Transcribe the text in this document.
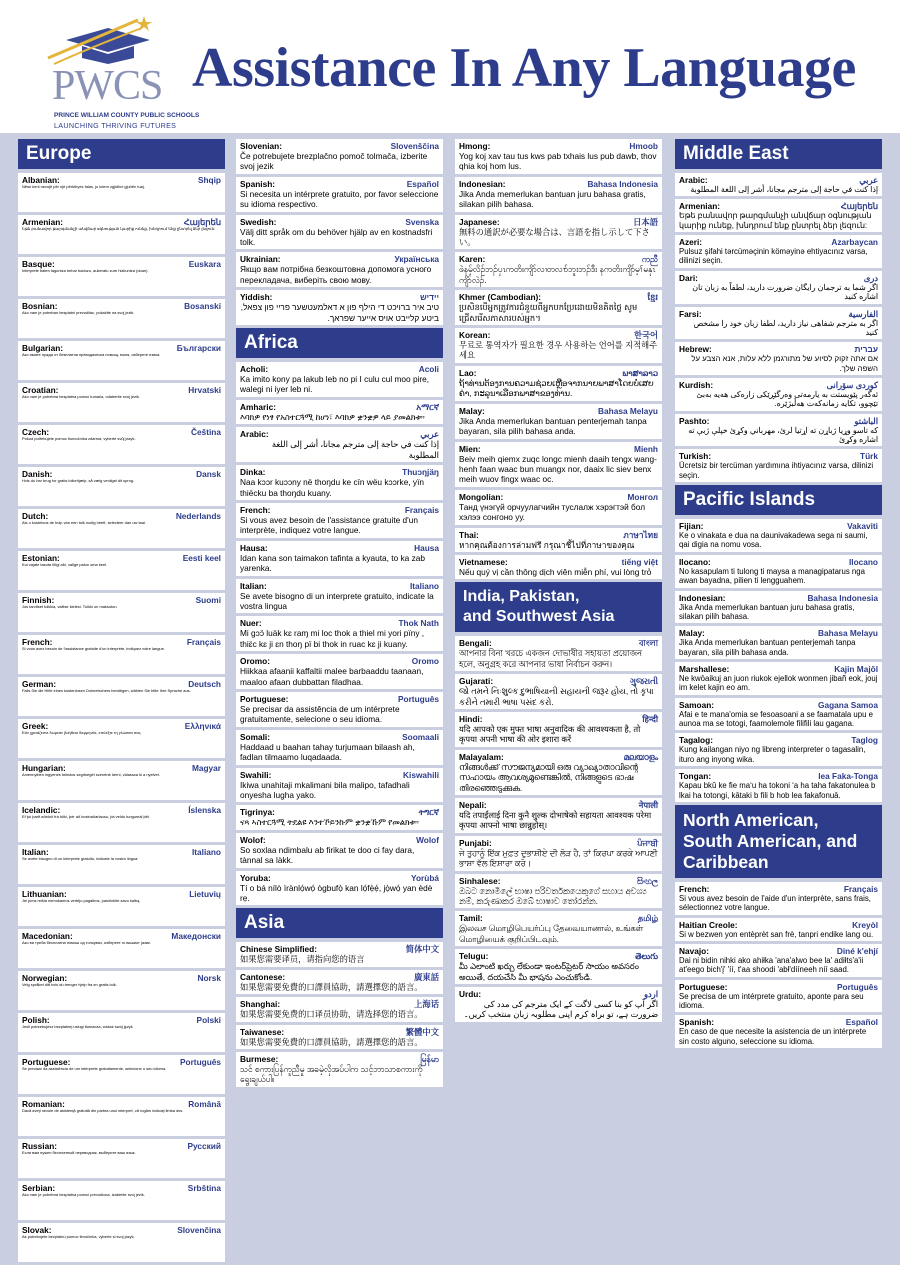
PWCS
PRINCE WILLIAM COUNTY PUBLIC SCHOOLS
LAUNCHING THRIVING FUTURES
Assistance In Any Language
Europe
Albanian:	Shqip
Nëse keni nevojë për një përkthyes falas, ju lutem zgjidhni gjuhën tuaj.
Armenian:	Հայերեն
Եթե բանավոր թարգմանչի անվճար օգնության կարիք ունեք, խնդրում ենք ընտրել ձեր լեզուն:
Basque:	Euskara
Interprete baten laguntza behar baduzu, aukeratu zure hizkuntza (doan).
Bosnian:	Bosanski
Ako vam je potreban besplatni prevodilac, pokažite na svoj jezik.
Bulgarian:	Български
Ако имате нужда от безплатна преводаческа помощ, моля, изберете езика.
Croatian:	Hrvatski
Ako vam je potrebna besplatna pomoć tumača, odaberite svoj jezik.
Czech:	Čeština
Pokud potřebujete pomoc tlumočníka zdarma, vyberte svůj jazyk.
Danish:	Dansk
Hvis du har brug for gratis tolkehjælp, så vælg venligst dit sprog.
Dutch:	Nederlands
Als u kosteloos de hulp van een tolk nodig heeft, selecteer dan uw taal.
Estonian:	Eesti keel
Kui vajate tasuta tõlgi abi, valige palun oma keel.
Finnish:	Suomi
Jos tarvitset tulkkia, valitse kielesi. Tulkki on maksuton.
French:	Français
Si vous avez besoin de l'assistance gratuite d'un interprète, indiquez votre langue.
German:	Deutsch
Falls Sie die Hilfe eines kostenlosen Dolmetschers benötigen, wählen Sie bitte Ihre Sprache aus.
Greek:	Ελληνικά
Εάν χρειάζεστε δωρεάν βοήθεια διερμηνέα, επιλέξτε τη γλώσσα σας.
Hungarian:	Magyar
Amennyiben ingyenes tolmács segítségét szeretné kérni, válassza ki a nyelvet.
Icelandic:	Íslenska
Ef þú þarft aðstoð frá túlki, þér að kostnaðarlausu, þá veldu tungumál þitt.
Italian:	Italiano
Se avete bisogno di un interprete gratuito, indicate la vostra lingua.
Lithuanian:	Lietuvių
Jei jums reikia nemokamos vertėjo pagalbos, pasirinkite savo kalbą.
Macedonian:	Македонски
Ако ви треба бесплатна помош од толкувач, изберете го вашиот јазик.
Norwegian:	Norsk
Velg språket ditt hvis du trenger hjelp fra en gratis tolk.
Polish:	Polski
Jeśli potrzebujesz bezpłatnej usługi tłumacza, wskaż swój język
Portuguese:	Português
Se precisar da assistência de um intérprete gratuitamente, selecione o seu idioma.
Romanian:	Română
Dacă aveţi nevoie de asistenţă gratuită din partea unui interpret, vă rugăm indicaţi limba dvs.
Russian:	Русский
Если вам нужен бесплатный переводчик, выберите ваш язык.
Serbian:	Srbština
Ako vam je potrebna besplatna pomoć prevodioca, izaberite svoj jezik.
Slovak:	Slovenčina
Ak potrebujete bezplatnú pomoc tlmočníka, vyberte si svoj jazyk.
Slovenian:	Slovenščina
Če potrebujete brezplačno pomoč tolmača, izberite svoj jezik
Spanish:	Español
Si necesita un intérprete gratuito, por favor seleccione su idioma respectivo.
Swedish:	Svenska
Välj ditt språk om du behöver hjälp av en kostnadsfri tolk.
Ukrainian:	Українська
Якщо вам потрібна безкоштовна допомога усного перекладача, виберіть свою мову.
Yiddish:	יידיש
טיב איר ברויכט די הילף פון א דאלמעטשער פריי פון צפאל, ביטע קלייבט אויס אייער שפראך.
Africa
Acholi:	Acoli
Ka imito kony pa lakub leb no pi I culu cul moo pire, walegi ni iyer leb ni.
Amharic:	አማርኛ
እባክዎ የነፃ የአስተርጓሚ ከሆነ፣ እባክዎ ቋንቋዎ ላይ ያመልክቱ።
Arabic:	عربي
إذا كنت في حاجة إلى مترجم مجانا، أشر إلى اللغة المطلوبة
Dinka:	Thuɔŋjäŋ
Naa kɔɔr kuɔɔny në thoŋdu ke cïn wëu kɔɔrke, yïn thiëcku ba thoŋdu kuany.
French:	Français
Si vous avez besoin de l'assistance gratuite d'un interprète, indiquez votre langue.
Hausa:	Hausa
Idan kana son taimakon tafinta a kyauta, to ka zab yarenka.
Italian:	Italiano
Se avete bisogno di un interprete gratuito, indicate la vostra lingua
Nuer:	Thok Nath
Mi gɔɔ̈ luäk kɛ raɱ mi loc thok a thiel mi yori pïny , thiɛ̈c kɛ ji ɛn thoŋ pï bi thok in ruac kɛ ji kuany.
Oromo:	Oromo
Hiikkaa afaanii kaffaltii malee barbaaddu taanaan, maaloo afaan dubbattan filadhaa.
Portuguese:	Português
Se precisar da assistência de um intérprete gratuitamente, selecione o seu idioma.
Somali:	Soomaali
Haddaad u baahan tahay turjumaan bilaash ah, fadlan tilmaamo luqadaada.
Swahili:	Kiswahili
Ikiwa unahitaji mkalimani bila malipo, tafadhali onyesha lugha yako.
Tigrinya:	ትግርኛ
ናጻ ኣስተርጓሚ ትደልዩ እንተኾይንኩም ቋንቋኹም የመልክቱ።
Wolof:	Wolof
So soxlaa ndimbalu ab firikat te doo ci fay dara, tànnal sa làkk.
Yoruba:	Yorùbá
Tí o bá nílò ìrànlọ́wọ́ ògbufọ̀ kan lọ́fẹ̀ẹ́, jọ̀wọ́ yan èdè rẹ.
Asia
Chinese Simplified:	简体中文
如果您需要译员，请指向您的语言
Cantonese:	廣東話
如果您需要免費的口譯員協助，請選擇您的語言。
Shanghai:	上海话
如果您需要免费的口译员协助，请选择您的语言。
Taiwanese:	繁體中文
如果您需要免費的口譯員協助，請選擇您的語言。
Burmese:	မြန်မာ
သင် စကားပြန်ကူညီမှု အခမဲ့လိုအပ်ပါက သင့်ဘာသာစကားကို ရွေးချယ်ပါ။
Hmong:	Hmoob
Yog koj xav tau tus kws pab txhais lus pub dawb, thov qhia koj hom lus.
Indonesian:	Bahasa Indonesia
Jika Anda memerlukan bantuan juru bahasa gratis, silakan pilih bahasa.
Japanese:	日本語
無料の通訳が必要な場合は、言語を指し示して下さい。
Karen:	ကညီ
ဖဲနမ့်လိဉ်ဘၣ်ပှၤကတိးကျိာ်လၢတလၢာ်ဘူးဘၣ်ဒီး နကတိးကျိာ်မ့ၢ်မနုၤကျိာ်လဲၣ်.
Khmer (Cambodian):	ខ្មែរ
ប្រសិនបើអ្នកត្រូវការជំនួយពីអ្នកបកប្រែដោយមិនគិតថ្លៃ សូមជ្រើសរើសភាសារបស់អ្នក។
Korean:	한국어
무료로 통역자가 필요한 경우 사용하는 언어를 지적해주세요
Lao:	ພາສາລາວ
ຖ້າທ່ານຕ້ອງການຄວາມຊ່ວຍເຫຼືອຈາກນາຍພາສາໂດຍບໍ່ເສຍຄ່າ, ກະລຸນາເລືອກພາສາຂອງທ່ານ.
Malay:	Bahasa Melayu
Jika Anda memerlukan bantuan penterjemah tanpa bayaran, sila pilih bahasa anda.
Mien:	Mienh
Beiv meih qiemx zuqc longc mienh daaih tengx wang-henh faan waac bun muangx nor, daaix lic siev benx meih wuov fingx waac oc.
Mongolian:	Монгол
Танд үнэгүй орчуулагчийн туслалж хэрэгтэй бол хэлээ сонгоно уу.
Thai:	ภาษาไทย
หากคุณต้องการล่ามฟรี กรุณาชี้ไปที่ภาษาของคุณ
Vietnamese:	tiếng việt
Nếu quý vị cần thông dịch viên miễn phí, vui lòng trỏ
India, Pakistan,
and Southwest Asia
Bengali:	বাংলা
আপনার বিনা খরচে একজন দোভাষীর সহায়তা প্রয়োজন হলে, অনুগ্রহ করে আপনার ভাষা নির্বাচন করুন।
Gujarati:	ગુજરાતી
જો તમને નિઃશુલ્ક દુભાષિયાની સહાયની જરૂર હોય, તો કૃપા કરીને તમારી ભાષા પસંદ કરો.
Hindi:	हिन्दी
यदि आपको एक मुफ्त भाषा अनुवादिक की आवश्यकता है, तो कृपया अपनी भाषा की ओर इशारा करें
Malayalam:	മലയാളം
നിങ്ങൾക്ക് സൗജന്യമായി ഒരു വ്യാഖ്യാതാവിന്റെ സഹായം ആവശ്യമുണ്ടെങ്കിൽ, നിങ്ങളുടെ ഭാഷ തിരഞ്ഞെടുക്കുക.
Nepali:	नेपाली
यदि तपाईंलाई दिना कुनै शुल्क दोभाषेको सहायता आवश्यक परेमा कृपया आफ्नो भाषा छान्नुहोस्।
Punjabi:	ਪੰਜਾਬੀ
ਜੇ ਤੁਹਾਨੂੰ ਇੱਕ ਮੁਫ਼ਤ ਦੁਭਾਸ਼ੀਏ ਦੀ ਲੋੜ ਹੈ, ਤਾਂ ਕਿਰਪਾ ਕਰਕੇ ਆਪਣੀ ਭਾਸ਼ਾ ਵੱਲ ਇਸ਼ਾਰਾ ਕਰੋ।
Sinhalese:	සිංහල
ඔබට නොමිලේ භාෂා පරිවර්තකයෙකුගේ සහාය අවශ්‍ය නම්, කරුණාකර ඔබේ භාෂාව තෝරන්න.
Tamil:	தமிழ்
இலவச மொழிபெயர்ப்பு தேவையானால், உங்கள் மொழியைக் குறிப்பிடவும்.
Telugu:	తెలుగు
మీ ఎలాంటి ఖర్చు లేకుండా ఇంటర్‌ప్రెటర్ సాయం అవసరం అయితే, దయచేసి మీ భాషను ఎంచుకోండి.
Urdu:	اردو
اگر آپ کو بنا کسی لاگت کے ایک مترجم کی مدد کی ضرورت ہے، تو براہ کرم اپنی مطلوبہ زبان منتخب کریں۔
Middle East
Arabic:	عربي
إذا كنت في حاجة إلى مترجم مجانا، أشر إلى اللغة المطلوبة
Armenian:	Հայերեն
Եթե բանավոր թարգմանչի անվճար օգնության կարիք ունեք, խնդրում ենք ընտրել ձեր լեզուն:
Azeri:	Azarbaycan
Pulsuz şifahi tərcüməçinin köməyinə ehtiyacınız varsa, dilinizi seçin.
Dari:	دری
اگر شما به ترجمان رایگان ضرورت دارید، لطفاً به زبان تان اشاره کنید
Farsi:	الفارسیة
اگر به مترجم شفاهی نیاز دارید، لطفا زبان خود را مشخص کنید
Hebrew:	עברית
אם אתה זקוק לסיוע של מתורגמן ללא עלות, אנא הצבע על השפה שלך.
Kurdish:	کوردی سۆرانی
ئەگەر پێویستت بە یارمەتی وەرگێڕێکی زارەکی هەیە بەبێ تێچوو، تکایە زمانەکەت هەڵبژێرە.
Pashto:	الباشتو
که تاسو وړیا ژباړن ته اړتیا لرئ، مهرباني وکړئ خپلې ژبې ته اشاره وکړئ
Turkish:	Türk
Ücretsiz bir tercüman yardımına ihtiyacınız varsa, dilinizi seçin.
Pacific Islands
Fijian:	Vakaviti
Ke o vinakata e dua na daunivakadewa sega ni saumi, qai digia na nomu vosa.
Ilocano:	Ilocano
No kasapulam ti tulong ti maysa a managipatarus nga awan bayadna, pilien ti lengguahem.
Indonesian:	Bahasa Indonesia
Jika Anda memerlukan bantuan juru bahasa gratis, silakan pilih bahasa.
Malay:	Bahasa Melayu
Jika Anda memerlukan bantuan penterjemah tanpa bayaran, sila pilih bahasa anda.
Marshallese:	Kajin Majōl
Ne kwōaikuj an juon riukok ejellok wonmen jibañ eok, jouj im kelet kajin eo am.
Samoan:	Gagana Samoa
Afai e te mana'omia se fesoasoani a se faamatala upu e aunoa ma se totogi, faamolemole filifili lau gagana.
Tagalog:	Taglog
Kung kailangan niyo ng libreng interpreter o tagasalin, ituro ang inyong wika.
Tongan:	lea Faka-Tonga
Kapau bkû ke fie maʻu ha tokoni ʻa ha taha fakatonulea b lkai ha totongi, kātaki b fili b hob lea fakafonuā.
North American,
South American, and
Caribbean
French:	Français
Si vous avez besoin de l'aide d'un interprète, sans frais, sélectionnez votre langue.
Haitian Creole:	Kreyòl
Si w bezwen yon entèprèt san frè, tanpri endike lang ou.
Navajo:	Diné k'ehjí
Dai ni bidin nihki ako ahiłka 'ana'alwo bee la' adiłts'a'ii at'eego bich'į' 'íí, t'aa shoodi 'abł'dííneeh níí saad.
Portuguese:	Português
Se precisa de um intérprete gratuito, aponte para seu idioma.
Spanish:	Español
En caso de que necesite la asistencia de un intérprete sin costo alguno, seleccione su idioma.
